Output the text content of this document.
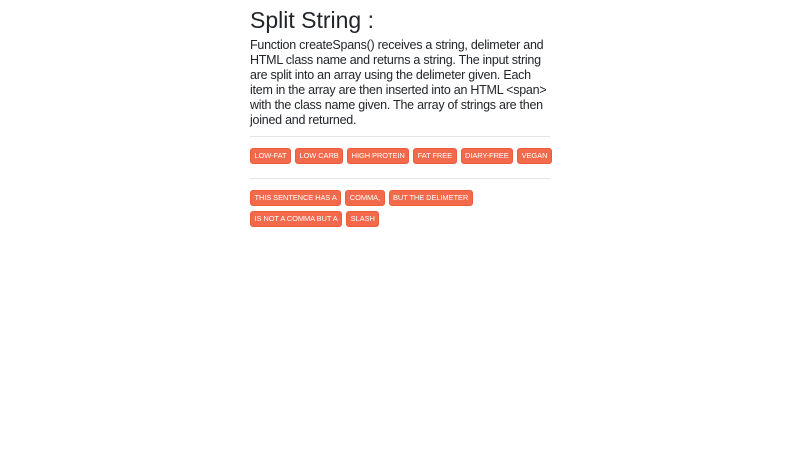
Split String :

Function createSpans() receives a string, delimeter and HTML class name and returns a string. The input string are split into an array using the delimeter given. Each item in the array are then inserted into an HTML <span> with the class name given. The array of strings are then joined and returned.

LOW-FAT	LOW CARB	HIGH PROTEIN	FAT FREE	DIARY-FREE	VEGAN
THIS SENTENCE HAS A	COMMA,	BUT THE DELIMETER
IS NOT A COMMA BUT A	SLASH
